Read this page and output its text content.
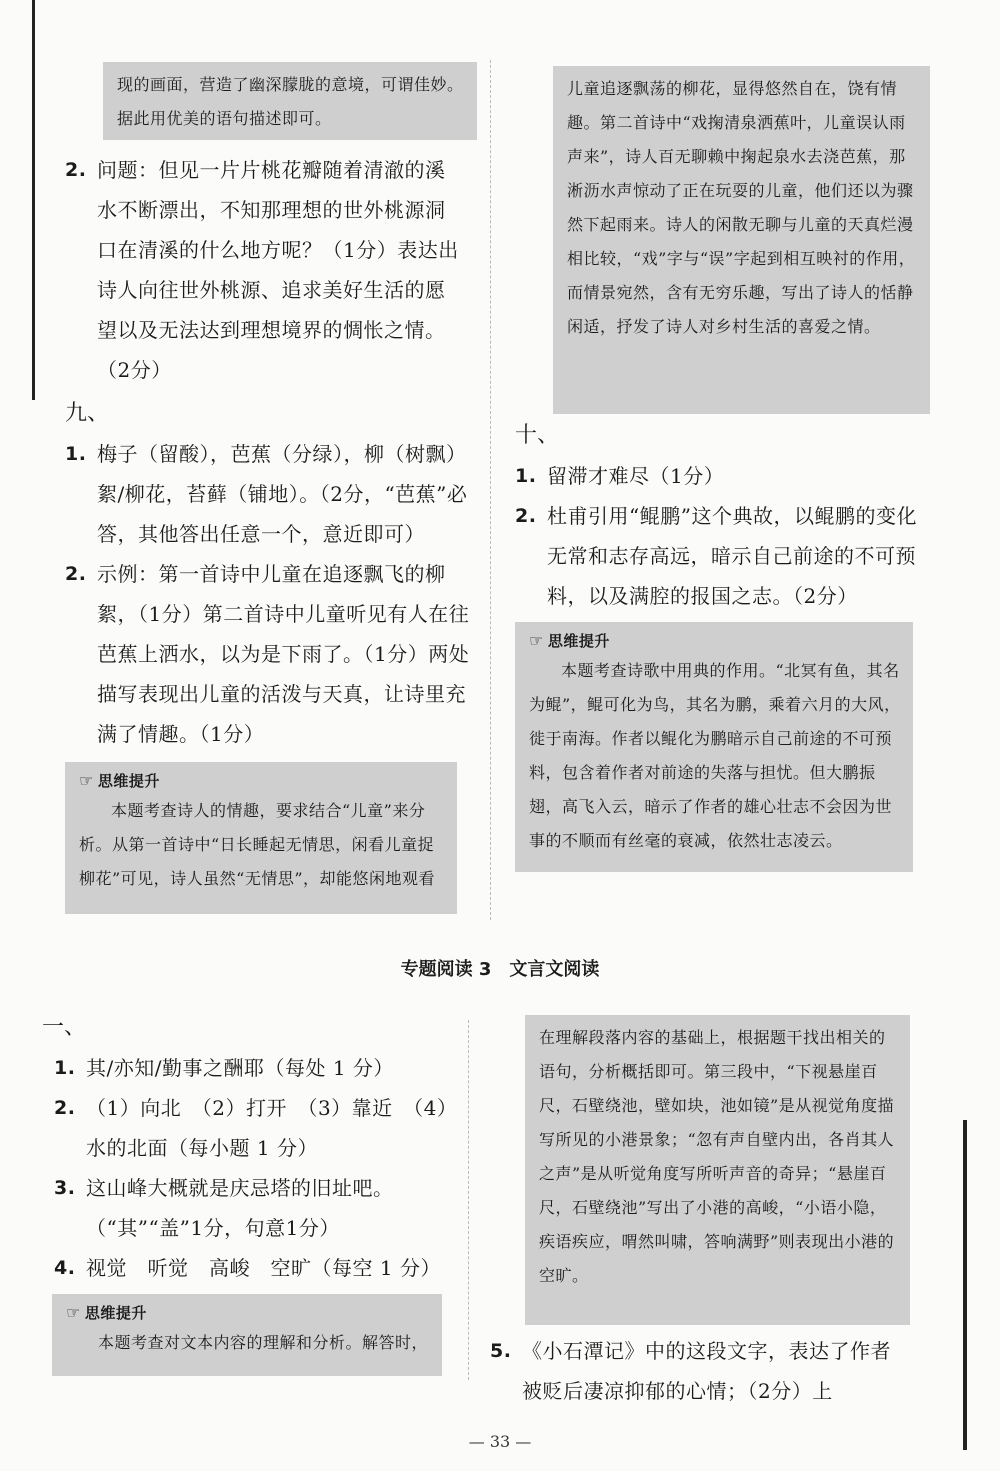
现的画面，营造了幽深朦胧的意境，可谓佳妙。据此用优美的语句描述即可。
2. 问题：但见一片片桃花瓣随着清澈的溪水不断漂出，不知那理想的世外桃源洞口在清溪的什么地方呢？（1分）表达出诗人向往世外桃源、追求美好生活的愿望以及无法达到理想境界的惆怅之情。（2分）
九、
1. 梅子（留酸），芭蕉（分绿），柳（树飘）絮/柳花，苔藓（铺地）。（2分，“芭蕉”必答，其他答出任意一个，意近即可）
2. 示例：第一首诗中儿童在追逐飘飞的柳絮，（1分）第二首诗中儿童听见有人在往芭蕉上洒水，以为是下雨了。（1分）两处描写表现出儿童的活泼与天真，让诗里充满了情趣。（1分）
☞ 思维提升
本题考查诗人的情趣，要求结合“儿童”来分析。从第一首诗中“日长睡起无情思，闲看儿童捉柳花”可见，诗人虽然“无情思”，却能悠闲地观看
儿童追逐飘荡的柳花，显得悠然自在，饶有情趣。第二首诗中“戏掬清泉洒蕉叶，儿童误认雨声来”，诗人百无聊赖中掬起泉水去浇芭蕉，那淅沥水声惊动了正在玩耍的儿童，他们还以为骤然下起雨来。诗人的闲散无聊与儿童的天真烂漫相比较，“戏”字与“误”字起到相互映衬的作用，而情景宛然，含有无穷乐趣，写出了诗人的恬静闲适，抒发了诗人对乡村生活的喜爱之情。
十、
1. 留滞才难尽（1分）
2. 杜甫引用“鲲鹏”这个典故，以鲲鹏的变化无常和志存高远，暗示自己前途的不可预料，以及满腔的报国之志。（2分）
☞ 思维提升
本题考查诗歌中用典的作用。“北冥有鱼，其名为鲲”，鲲可化为鸟，其名为鹏，乘着六月的大风，徙于南海。作者以鲲化为鹏暗示自己前途的不可预料，包含着作者对前途的失落与担忧。但大鹏振翅，高飞入云，暗示了作者的雄心壮志不会因为世事的不顺而有丝毫的衰减，依然壮志凌云。
专题阅读 3　文言文阅读
一、
1. 其/亦知/勤事之酬耶（每处 1 分）
2. （1）向北　（2）打开　（3）靠近　（4）水的北面（每小题 1 分）
3. 这山峰大概就是庆忌塔的旧址吧。（“其”“盖”1分，句意1分）
4. 视觉　听觉　高峻　空旷（每空 1 分）
☞ 思维提升
本题考查对文本内容的理解和分析。解答时，
在理解段落内容的基础上，根据题干找出相关的语句，分析概括即可。第三段中，“下视悬崖百尺，石壁绕池，壁如块，池如镜”是从视觉角度描写所见的小港景象；“忽有声自壁内出，各肖其人之声”是从听觉角度写所听声音的奇异；“悬崖百尺，石壁绕池”写出了小港的高峻，“小语小隐，疾语疾应，喟然叫啸，答响满野”则表现出小港的空旷。
5. 《小石潭记》中的这段文字，表达了作者被贬后凄凉抑郁的心情；（2分）上
— 33 —
